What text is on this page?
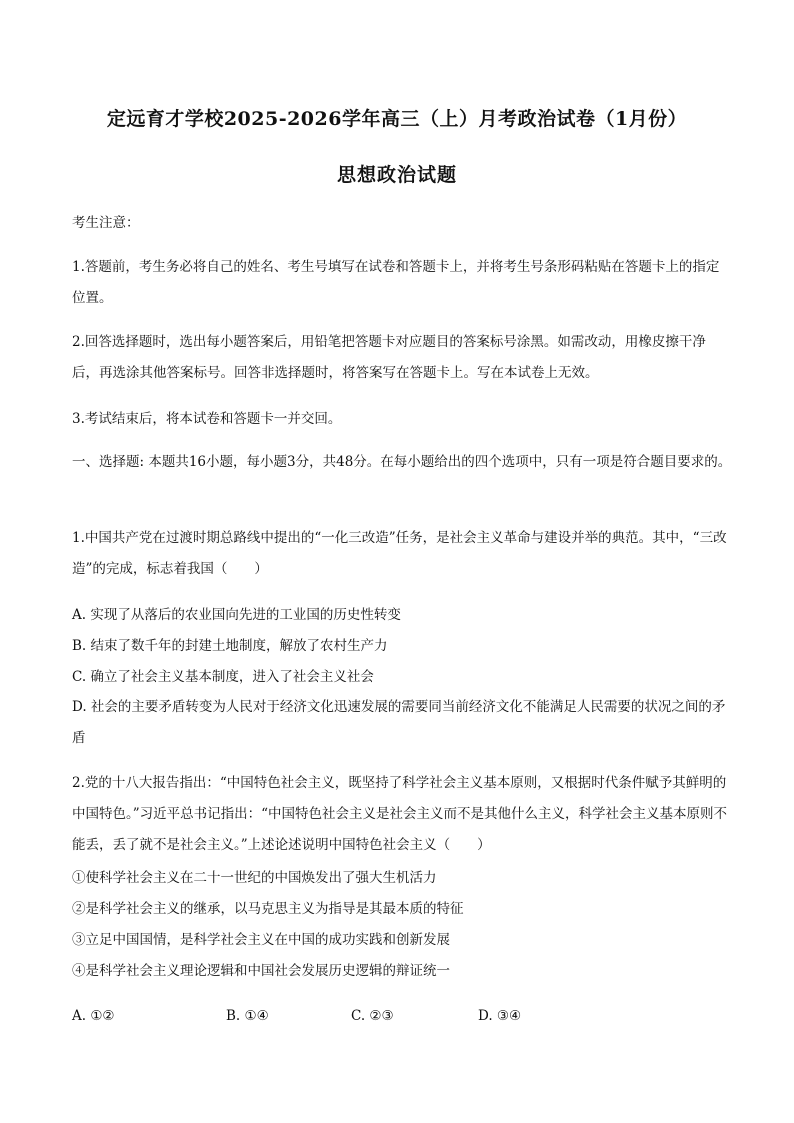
定远育才学校2025-2026学年高三（上）月考政治试卷（1月份）
思想政治试题
考生注意：
1.答题前，考生务必将自己的姓名、考生号填写在试卷和答题卡上，并将考生号条形码粘贴在答题卡上的指定位置。
2.回答选择题时，选出每小题答案后，用铅笔把答题卡对应题目的答案标号涂黑。如需改动，用橡皮擦干净后，再选涂其他答案标号。回答非选择题时，将答案写在答题卡上。写在本试卷上无效。
3.考试结束后，将本试卷和答题卡一并交回。
一、选择题: 本题共16小题，每小题3分，共48分。在每小题给出的四个选项中，只有一项是符合题目要求的。
1.中国共产党在过渡时期总路线中提出的“一化三改造”任务，是社会主义革命与建设并举的典范。其中，“三改造”的完成，标志着我国（　　）
A. 实现了从落后的农业国向先进的工业国的历史性转变
B. 结束了数千年的封建土地制度，解放了农村生产力
C. 确立了社会主义基本制度，进入了社会主义社会
D. 社会的主要矛盾转变为人民对于经济文化迅速发展的需要同当前经济文化不能满足人民需要的状况之间的矛盾
2.党的十八大报告指出：“中国特色社会主义，既坚持了科学社会主义基本原则，又根据时代条件赋予其鲜明的中国特色。”习近平总书记指出：“中国特色社会主义是社会主义而不是其他什么主义，科学社会主义基本原则不能丢，丢了就不是社会主义。”上述论述说明中国特色社会主义（　　）
①使科学社会主义在二十一世纪的中国焕发出了强大生机活力
②是科学社会主义的继承，以马克思主义为指导是其最本质的特征
③立足中国国情，是科学社会主义在中国的成功实践和创新发展
④是科学社会主义理论逻辑和中国社会发展历史逻辑的辩证统一
A. ①②	B. ①④	C. ②③	D. ③④
